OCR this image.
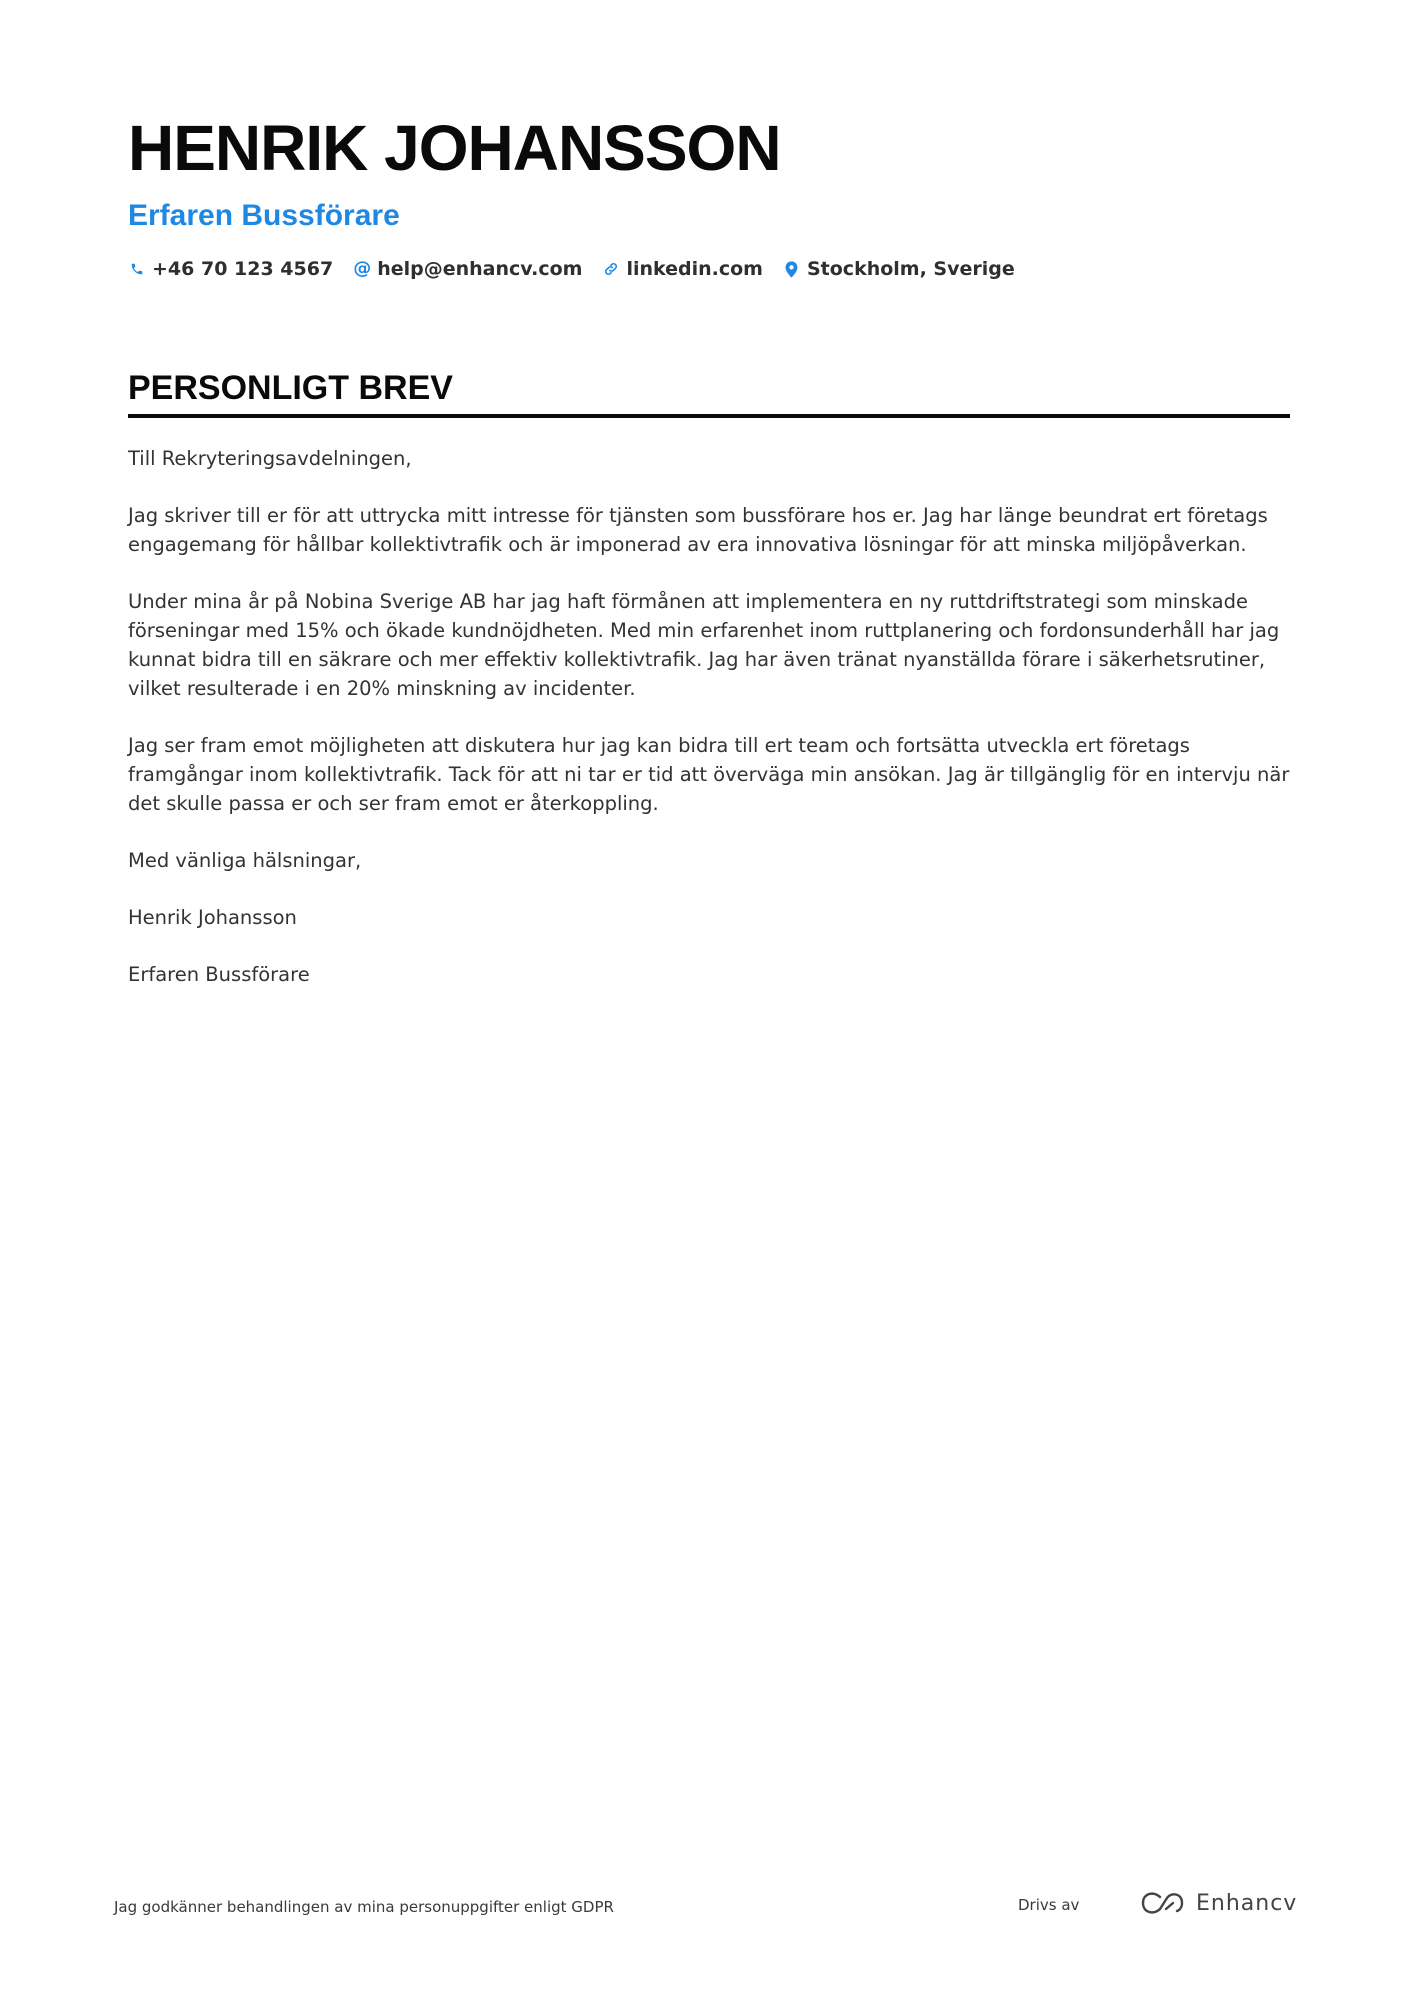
HENRIK JOHANSSON
Erfaren Bussförare
+46 70 123 4567 @ help@enhancv.com linkedin.com Stockholm, Sverige
PERSONLIGT BREV

Till Rekryteringsavdelningen,

Jag skriver till er för att uttrycka mitt intresse för tjänsten som bussförare hos er. Jag har länge beundrat ert företags engagemang för hållbar kollektivtrafik och är imponerad av era innovativa lösningar för att minska miljöpåverkan.

Under mina år på Nobina Sverige AB har jag haft förmånen att implementera en ny ruttdriftstrategi som minskade förseningar med 15% och ökade kundnöjdheten. Med min erfarenhet inom ruttplanering och fordonsunderhåll har jag kunnat bidra till en säkrare och mer effektiv kollektivtrafik. Jag har även tränat nyanställda förare i säkerhetsrutiner, vilket resulterade i en 20% minskning av incidenter.

Jag ser fram emot möjligheten att diskutera hur jag kan bidra till ert team och fortsätta utveckla ert företags framgångar inom kollektivtrafik. Tack för att ni tar er tid att överväga min ansökan. Jag är tillgänglig för en intervju när det skulle passa er och ser fram emot er återkoppling.

Med vänliga hälsningar,

Henrik Johansson

Erfaren Bussförare

Jag godkänner behandlingen av mina personuppgifter enligt GDPR	Drivs av	Enhancv
